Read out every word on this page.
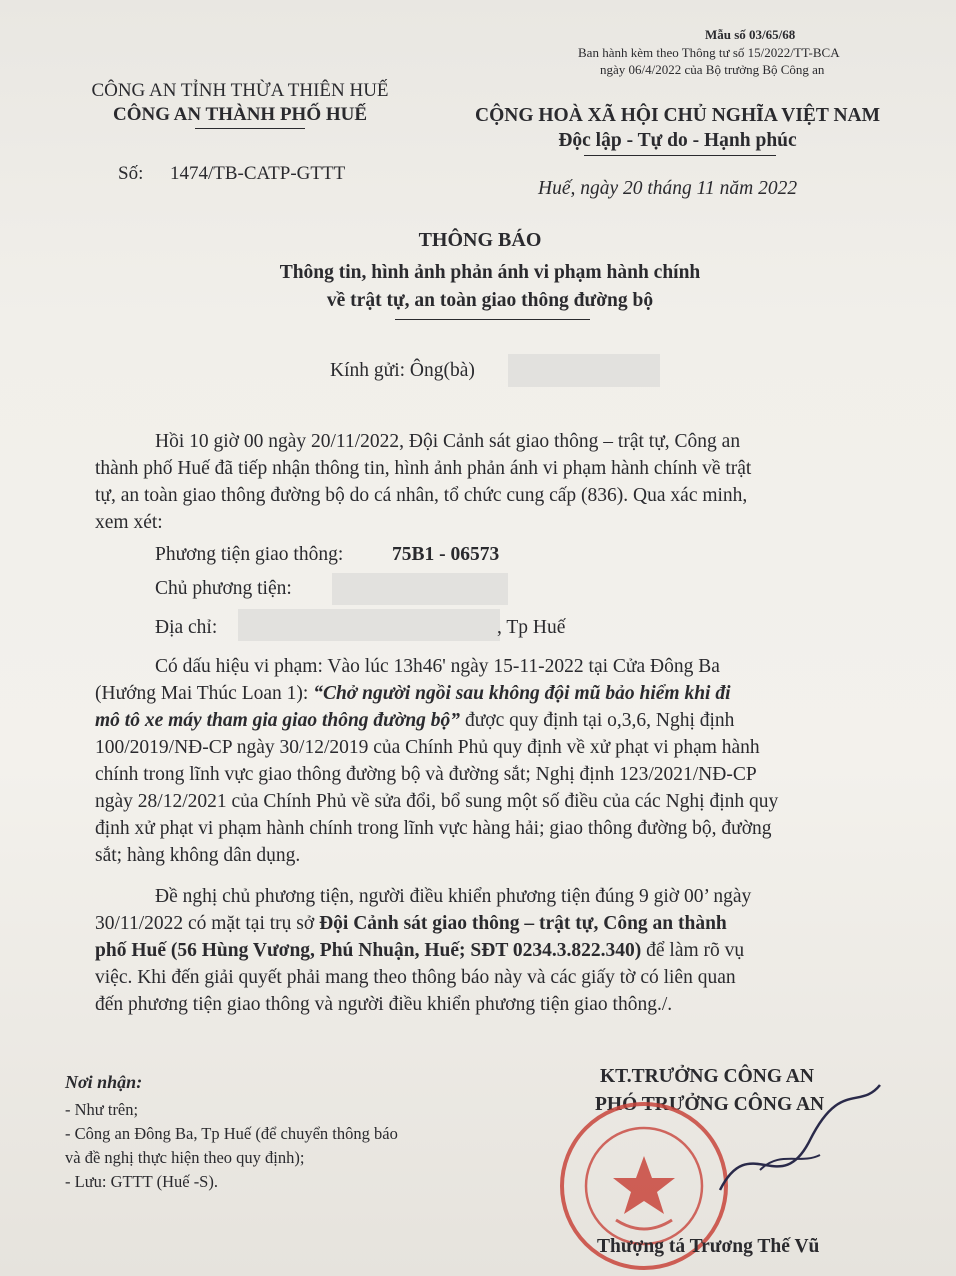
Mẫu số 03/65/68
Ban hành kèm theo Thông tư số 15/2022/TT-BCA
ngày 06/4/2022 của Bộ trưởng Bộ Công an
CÔNG AN TỈNH THỪA THIÊN HUẾ
CÔNG AN THÀNH PHỐ HUẾ
Số: 1474/TB-CATP-GTTT
CỘNG HOÀ XÃ HỘI CHỦ NGHĨA VIỆT NAM
Độc lập - Tự do - Hạnh phúc
Huế, ngày 20 tháng 11 năm 2022
THÔNG BÁO
Thông tin, hình ảnh phản ánh vi phạm hành chính
về trật tự, an toàn giao thông đường bộ
Kính gửi: Ông(bà)
Hồi 10 giờ 00 ngày 20/11/2022, Đội Cảnh sát giao thông – trật tự, Công an
thành phố Huế đã tiếp nhận thông tin, hình ảnh phản ánh vi phạm hành chính về trật
tự, an toàn giao thông đường bộ do cá nhân, tổ chức cung cấp (836). Qua xác minh,
xem xét:
Phương tiện giao thông:	75B1 - 06573
Chủ phương tiện:
Địa chỉ:	, Tp Huế
Có dấu hiệu vi phạm: Vào lúc 13h46' ngày 15-11-2022 tại Cửa Đông Ba
(Hướng Mai Thúc Loan 1): “Chở người ngồi sau không đội mũ bảo hiểm khi đi
mô tô xe máy tham gia giao thông đường bộ” được quy định tại o,3,6, Nghị định
100/2019/NĐ-CP ngày 30/12/2019 của Chính Phủ quy định về xử phạt vi phạm hành
chính trong lĩnh vực giao thông đường bộ và đường sắt; Nghị định 123/2021/NĐ-CP
ngày 28/12/2021 của Chính Phủ về sửa đổi, bổ sung một số điều của các Nghị định quy
định xử phạt vi phạm hành chính trong lĩnh vực hàng hải; giao thông đường bộ, đường
sắt; hàng không dân dụng.
Đề nghị chủ phương tiện, người điều khiển phương tiện đúng 9 giờ 00’ ngày
30/11/2022 có mặt tại trụ sở Đội Cảnh sát giao thông – trật tự, Công an thành
phố Huế (56 Hùng Vương, Phú Nhuận, Huế; SĐT 0234.3.822.340) để làm rõ vụ
việc. Khi đến giải quyết phải mang theo thông báo này và các giấy tờ có liên quan
đến phương tiện giao thông và người điều khiển phương tiện giao thông./.
Nơi nhận:
- Như trên;
- Công an Đông Ba, Tp Huế (để chuyển thông báo
và đề nghị thực hiện theo quy định);
- Lưu: GTTT (Huế -S).
KT.TRƯỞNG CÔNG AN
PHÓ TRƯỞNG CÔNG AN
Thượng tá Trương Thế Vũ
